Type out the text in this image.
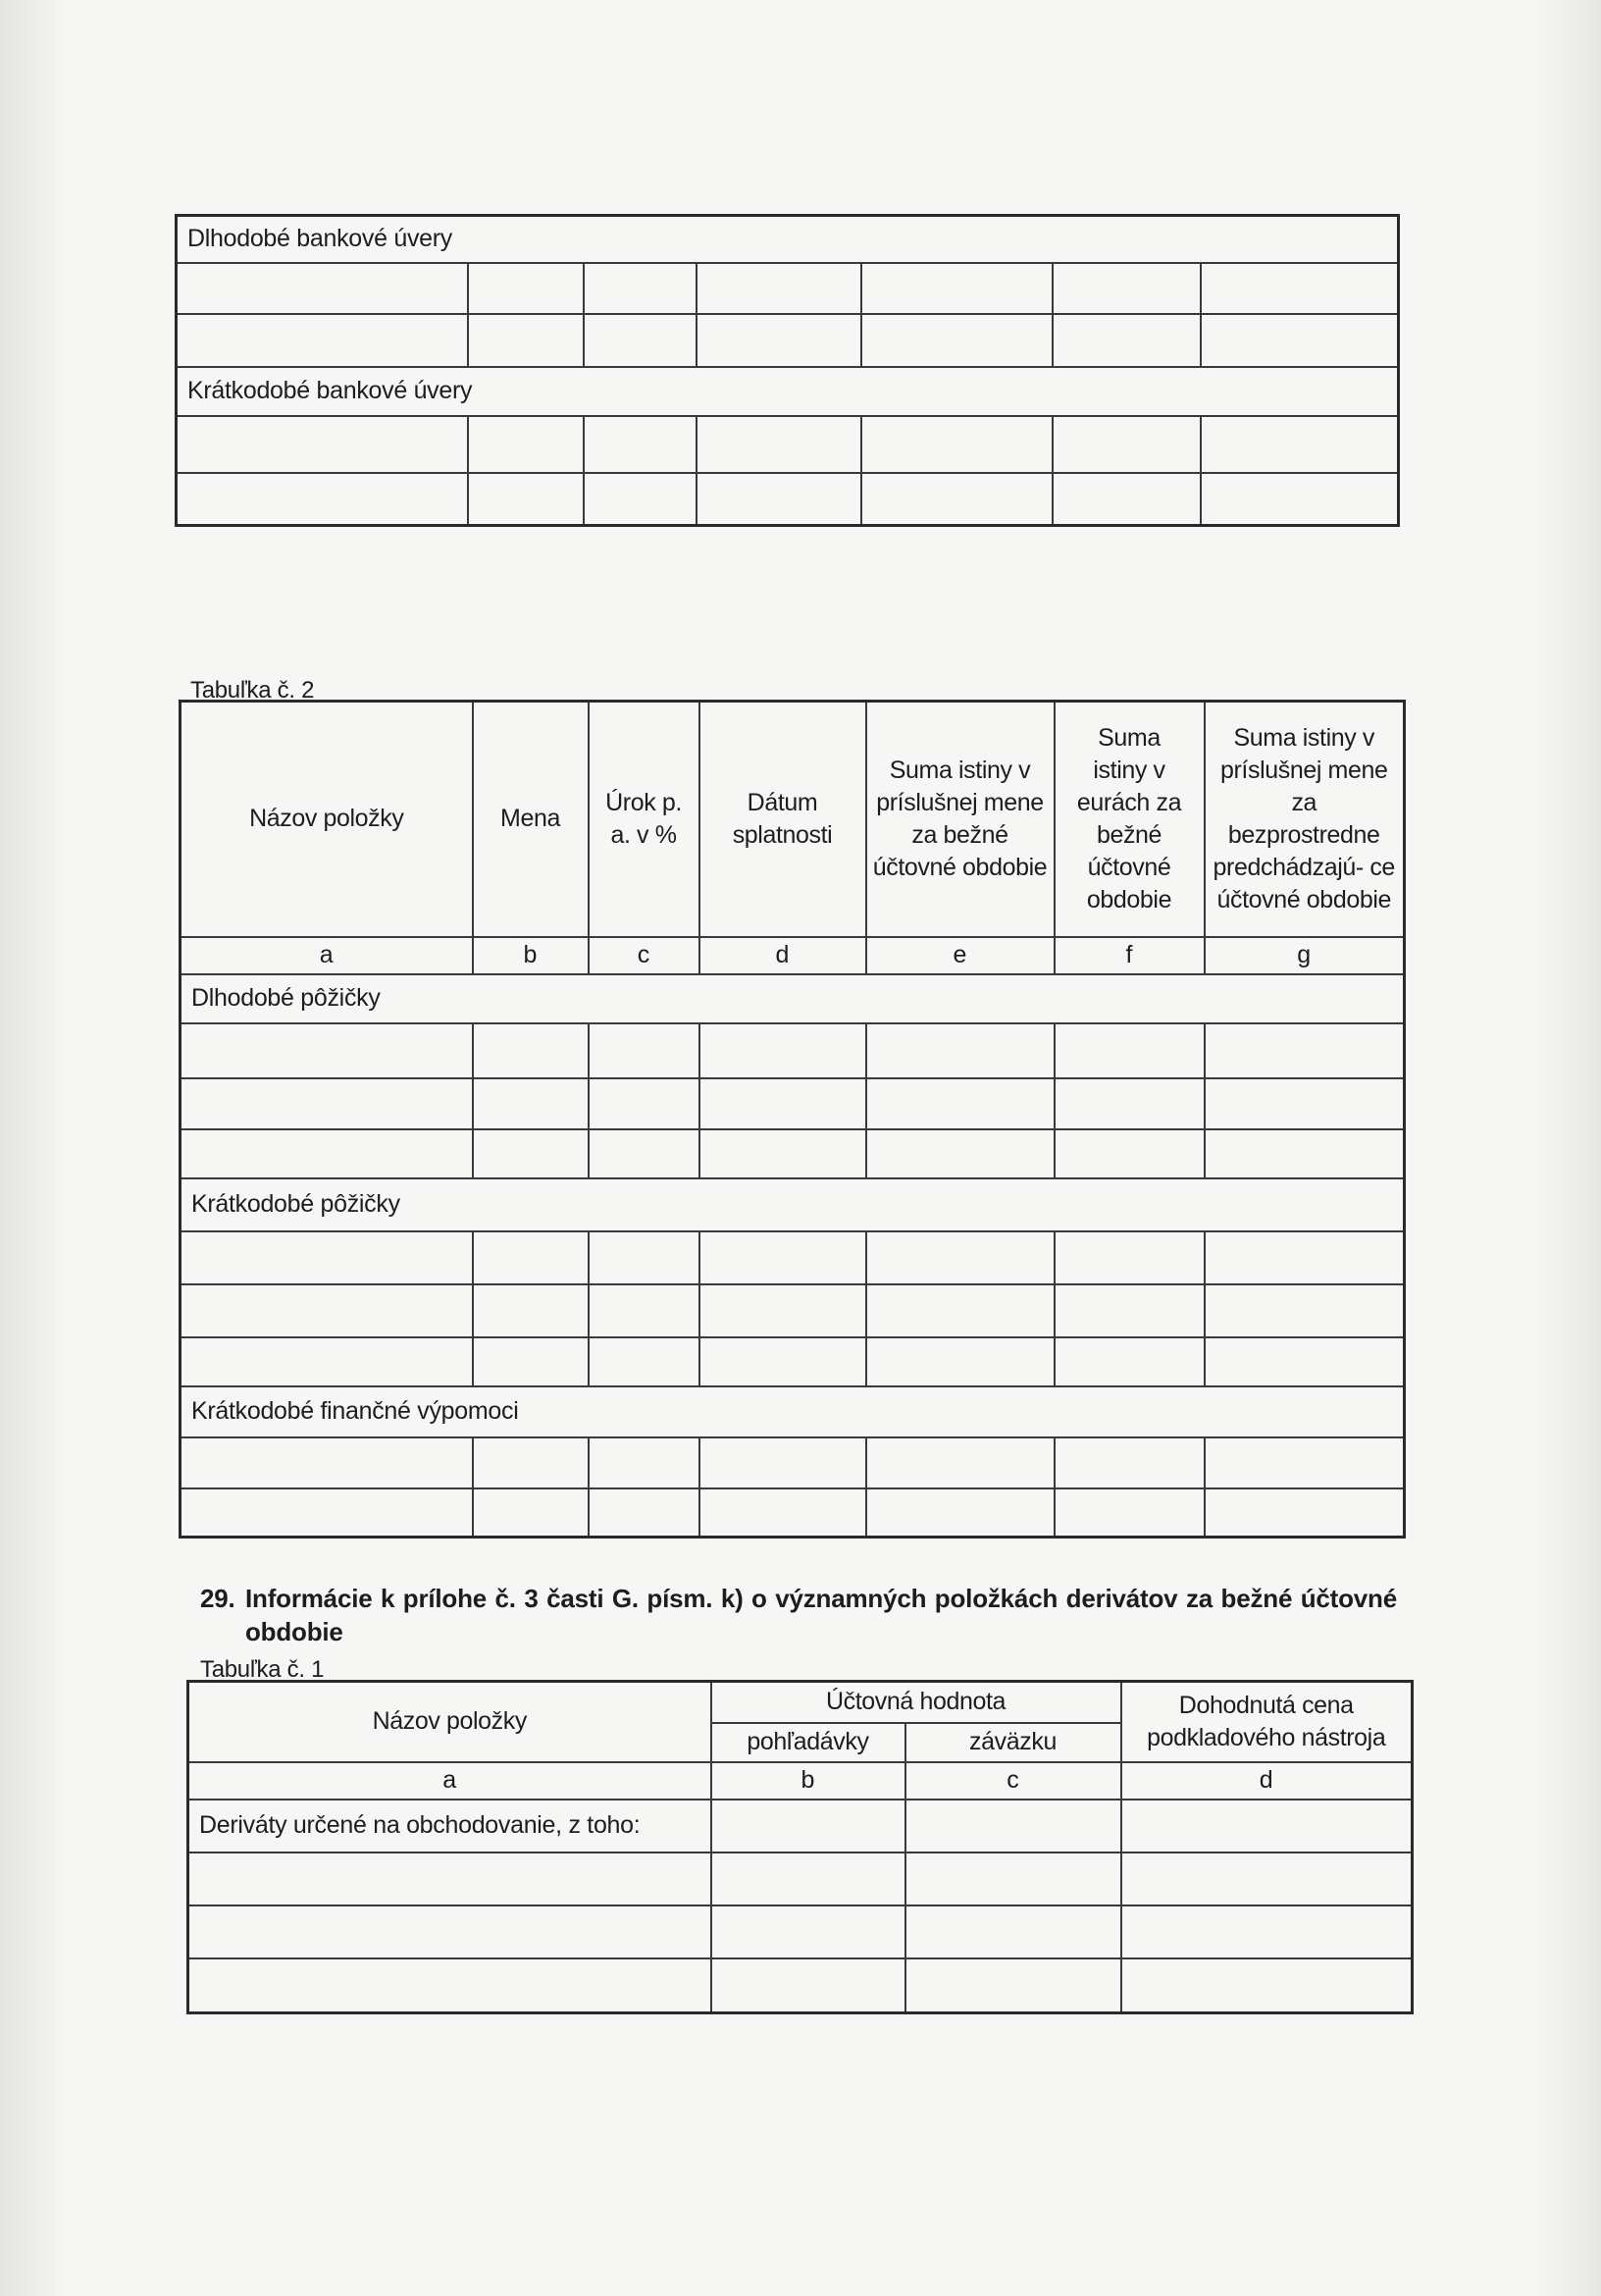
Dlhodobé bankové úvery						

Krátkodobé bankové úvery						

Tabuľka č. 2
Názov položky	Mena	Úrok p. a. v %	Dátum splatnosti	Suma istiny v príslušnej mene za bežné účtovné obdobie	Suma istiny v eurách za bežné účtovné obdobie	Suma istiny v príslušnej mene za bezprostredne predchádzajú- ce účtovné obdobie
a	b	c	d	e	f	g
Dlhodobé pôžičky						

Krátkodobé pôžičky						

Krátkodobé finančné výpomoci						

29. Informácie k prílohe č. 3 časti G. písm. k) o významných položkách derivátov za bežné účtovné obdobie
Tabuľka č. 1
Názov položky	Účtovná hodnota		Dohodnutá cena podkladového nástroja
	pohľadávky	záväzku	
a	b	c	d
Deriváty určené na obchodovanie, z toho:			
